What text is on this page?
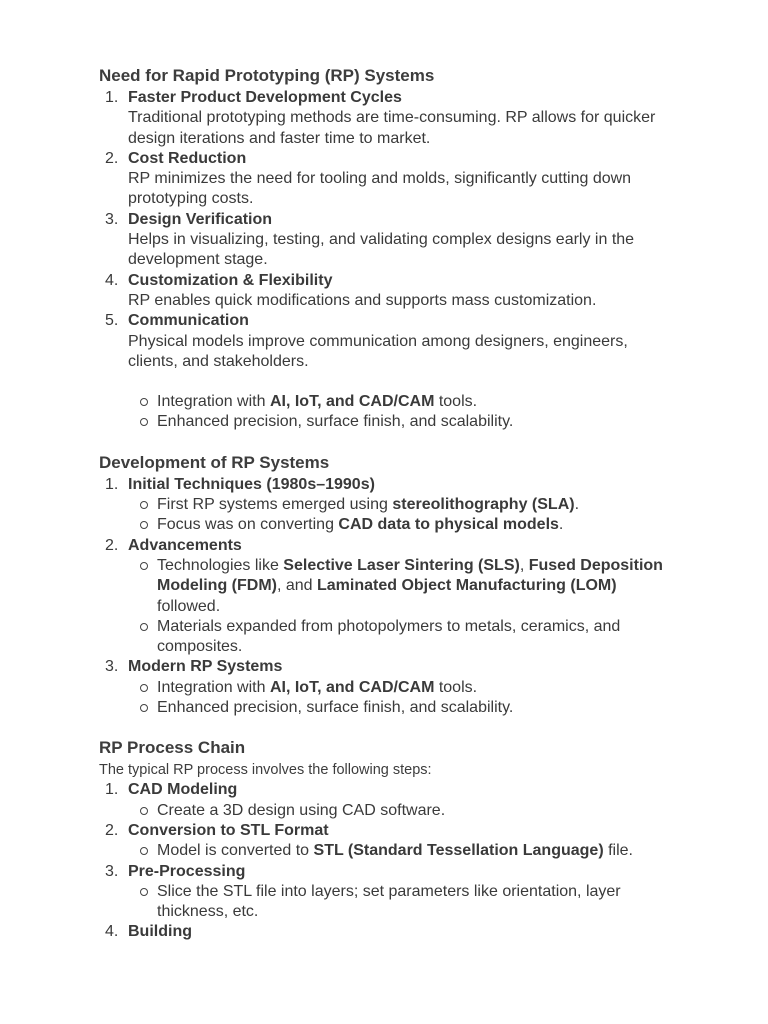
Need for Rapid Prototyping (RP) Systems
1. Faster Product Development Cycles
Traditional prototyping methods are time-consuming. RP allows for quicker design iterations and faster time to market.
2. Cost Reduction
RP minimizes the need for tooling and molds, significantly cutting down prototyping costs.
3. Design Verification
Helps in visualizing, testing, and validating complex designs early in the development stage.
4. Customization & Flexibility
RP enables quick modifications and supports mass customization.
5. Communication
Physical models improve communication among designers, engineers, clients, and stakeholders.
Integration with AI, IoT, and CAD/CAM tools.
Enhanced precision, surface finish, and scalability.
Development of RP Systems
1. Initial Techniques (1980s–1990s)
First RP systems emerged using stereolithography (SLA).
Focus was on converting CAD data to physical models.
2. Advancements
Technologies like Selective Laser Sintering (SLS), Fused Deposition Modeling (FDM), and Laminated Object Manufacturing (LOM) followed.
Materials expanded from photopolymers to metals, ceramics, and composites.
3. Modern RP Systems
Integration with AI, IoT, and CAD/CAM tools.
Enhanced precision, surface finish, and scalability.
RP Process Chain

The typical RP process involves the following steps:

1. CAD Modeling
Create a 3D design using CAD software.
2. Conversion to STL Format
Model is converted to STL (Standard Tessellation Language) file.
3. Pre-Processing
Slice the STL file into layers; set parameters like orientation, layer thickness, etc.
4. Building
